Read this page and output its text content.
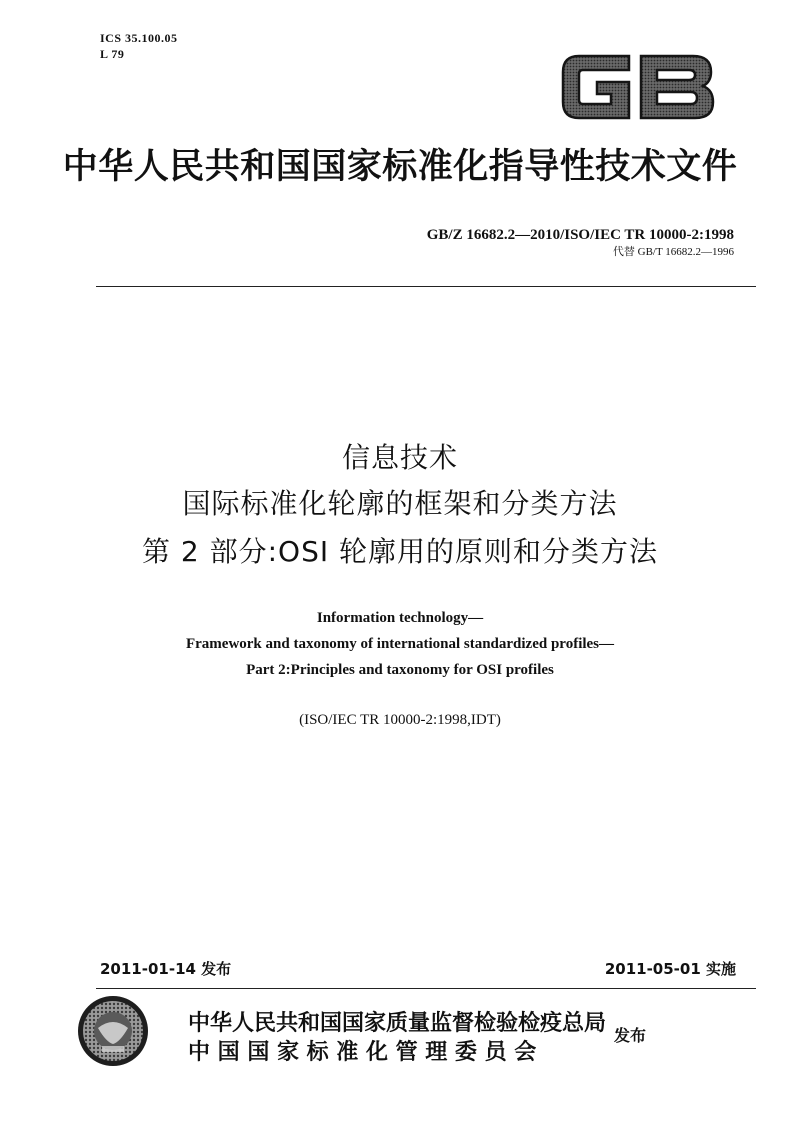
ICS 35.100.05
L 79
GB
中华人民共和国国家标准化指导性技术文件
GB/Z 16682.2—2010/ISO/IEC TR 10000-2:1998
代替 GB/T 16682.2—1996
信息技术
国际标准化轮廓的框架和分类方法
第 2 部分:OSI 轮廓用的原则和分类方法
Information technology—
Framework and taxonomy of international standardized profiles—
Part 2:Principles and taxonomy for OSI profiles
(ISO/IEC TR 10000-2:1998,IDT)
2011-01-14 发布	2011-05-01 实施
中华人民共和国国家质量监督检验检疫总局
中 国 国 家 标 准 化 管 理 委 员 会
发布
